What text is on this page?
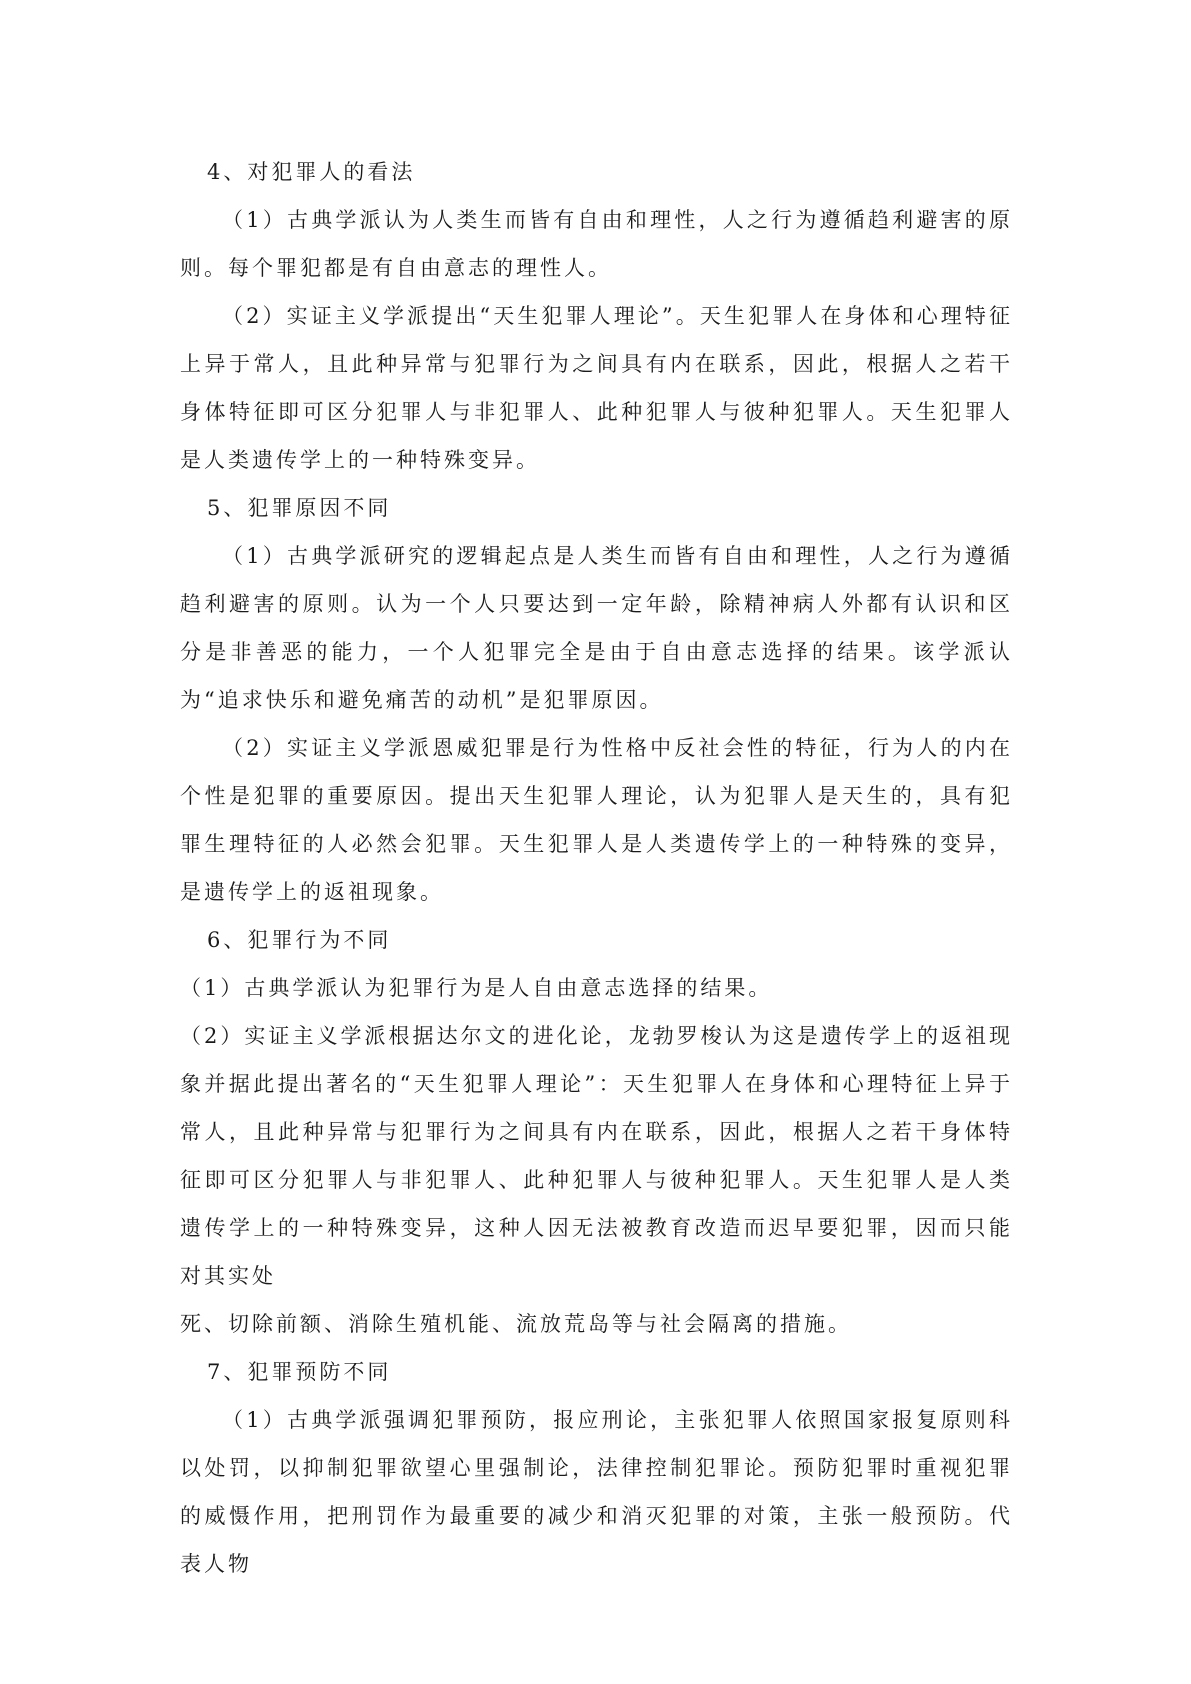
4、对犯罪人的看法

（1）古典学派认为人类生而皆有自由和理性，人之行为遵循趋利避害的原则。每个罪犯都是有自由意志的理性人。

（2）实证主义学派提出“天生犯罪人理论”。天生犯罪人在身体和心理特征上异于常人，且此种异常与犯罪行为之间具有内在联系，因此，根据人之若干身体特征即可区分犯罪人与非犯罪人、此种犯罪人与彼种犯罪人。天生犯罪人是人类遗传学上的一种特殊变异。

5、犯罪原因不同

（1）古典学派研究的逻辑起点是人类生而皆有自由和理性，人之行为遵循趋利避害的原则。认为一个人只要达到一定年龄，除精神病人外都有认识和区分是非善恶的能力，一个人犯罪完全是由于自由意志选择的结果。该学派认为“追求快乐和避免痛苦的动机”是犯罪原因。

（2）实证主义学派恩威犯罪是行为性格中反社会性的特征，行为人的内在个性是犯罪的重要原因。提出天生犯罪人理论，认为犯罪人是天生的，具有犯罪生理特征的人必然会犯罪。天生犯罪人是人类遗传学上的一种特殊的变异，是遗传学上的返祖现象。

6、犯罪行为不同

（1）古典学派认为犯罪行为是人自由意志选择的结果。

（2）实证主义学派根据达尔文的进化论，龙勃罗梭认为这是遗传学上的返祖现象并据此提出著名的“天生犯罪人理论”：天生犯罪人在身体和心理特征上异于常人，且此种异常与犯罪行为之间具有内在联系，因此，根据人之若干身体特征即可区分犯罪人与非犯罪人、此种犯罪人与彼种犯罪人。天生犯罪人是人类遗传学上的一种特殊变异，这种人因无法被教育改造而迟早要犯罪，因而只能对其实处

死、切除前额、消除生殖机能、流放荒岛等与社会隔离的措施。

7、犯罪预防不同

（1）古典学派强调犯罪预防，报应刑论，主张犯罪人依照国家报复原则科以处罚，以抑制犯罪欲望心里强制论，法律控制犯罪论。预防犯罪时重视犯罪的威慑作用，把刑罚作为最重要的减少和消灭犯罪的对策，主张一般预防。代表人物
